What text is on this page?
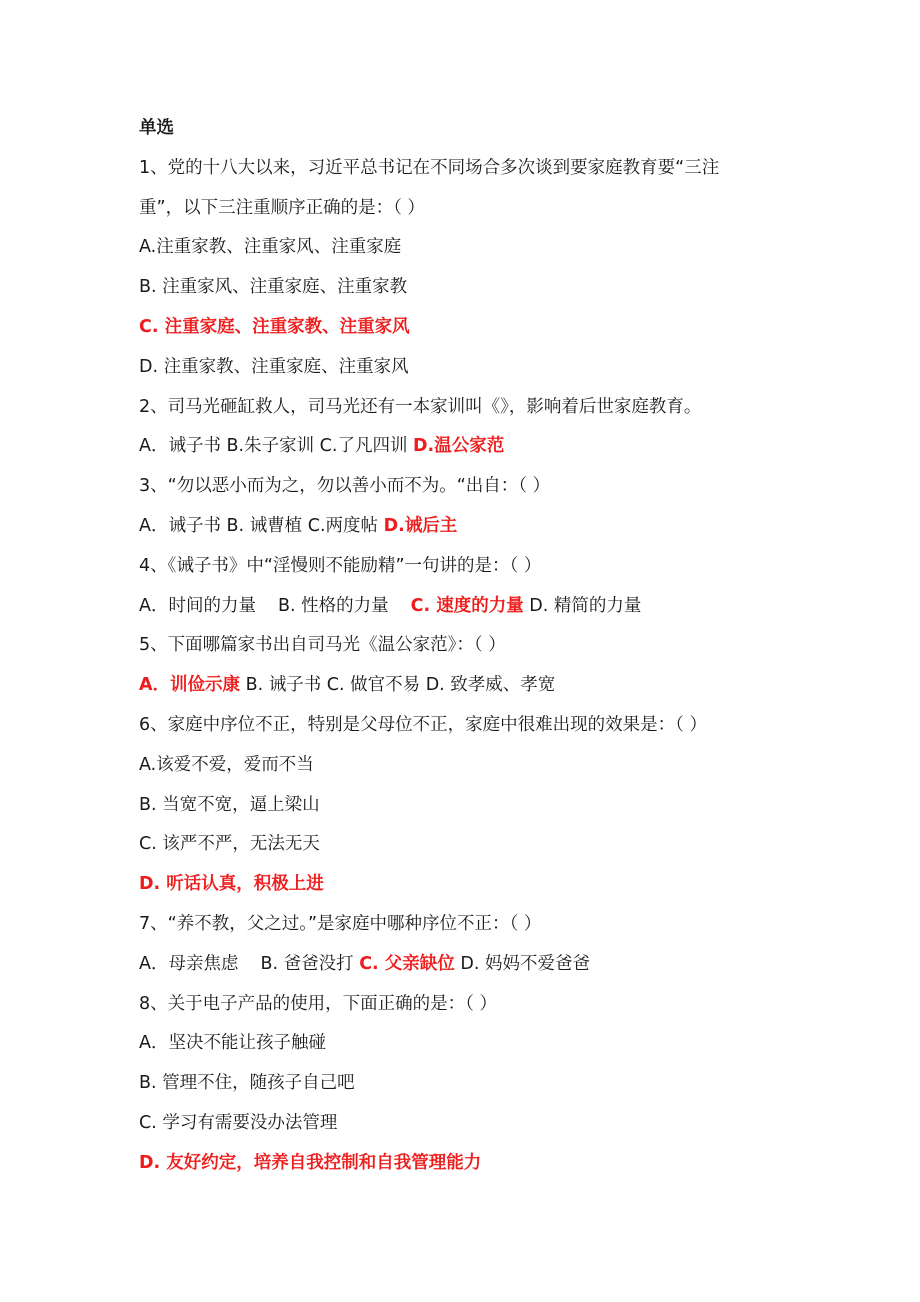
单选
1、党的十八大以来，习近平总书记在不同场合多次谈到要家庭教育要“三注
重”，以下三注重顺序正确的是：（ ）
A.注重家教、注重家风、注重家庭
B. 注重家风、注重家庭、注重家教
C. 注重家庭、注重家教、注重家风
D. 注重家教、注重家庭、注重家风
2、司马光砸缸救人，司马光还有一本家训叫《》，影响着后世家庭教育。
A．诫子书 B.朱子家训 C.了凡四训 D.温公家范
3、“勿以恶小而为之，勿以善小而不为。“出自：（ ）
A．诫子书 B. 诫曹植 C.两度帖 D.诫后主
4、《诫子书》中“淫慢则不能励精”一句讲的是：（ ）
A．时间的力量 B. 性格的力量 C. 速度的力量 D. 精简的力量
5、下面哪篇家书出自司马光《温公家范》：（ ）
A．训俭示康 B. 诫子书 C. 做官不易 D. 致孝威、孝宽
6、家庭中序位不正，特别是父母位不正，家庭中很难出现的效果是：（ ）
A.该爱不爱，爱而不当
B. 当宽不宽，逼上梁山
C. 该严不严，无法无天
D. 听话认真，积极上进
7、“养不教，父之过。”是家庭中哪种序位不正：（ ）
A．母亲焦虑 B. 爸爸没打 C. 父亲缺位 D. 妈妈不爱爸爸
8、关于电子产品的使用，下面正确的是：（ ）
A．坚决不能让孩子触碰
B. 管理不住，随孩子自己吧
C. 学习有需要没办法管理
D. 友好约定，培养自我控制和自我管理能力
